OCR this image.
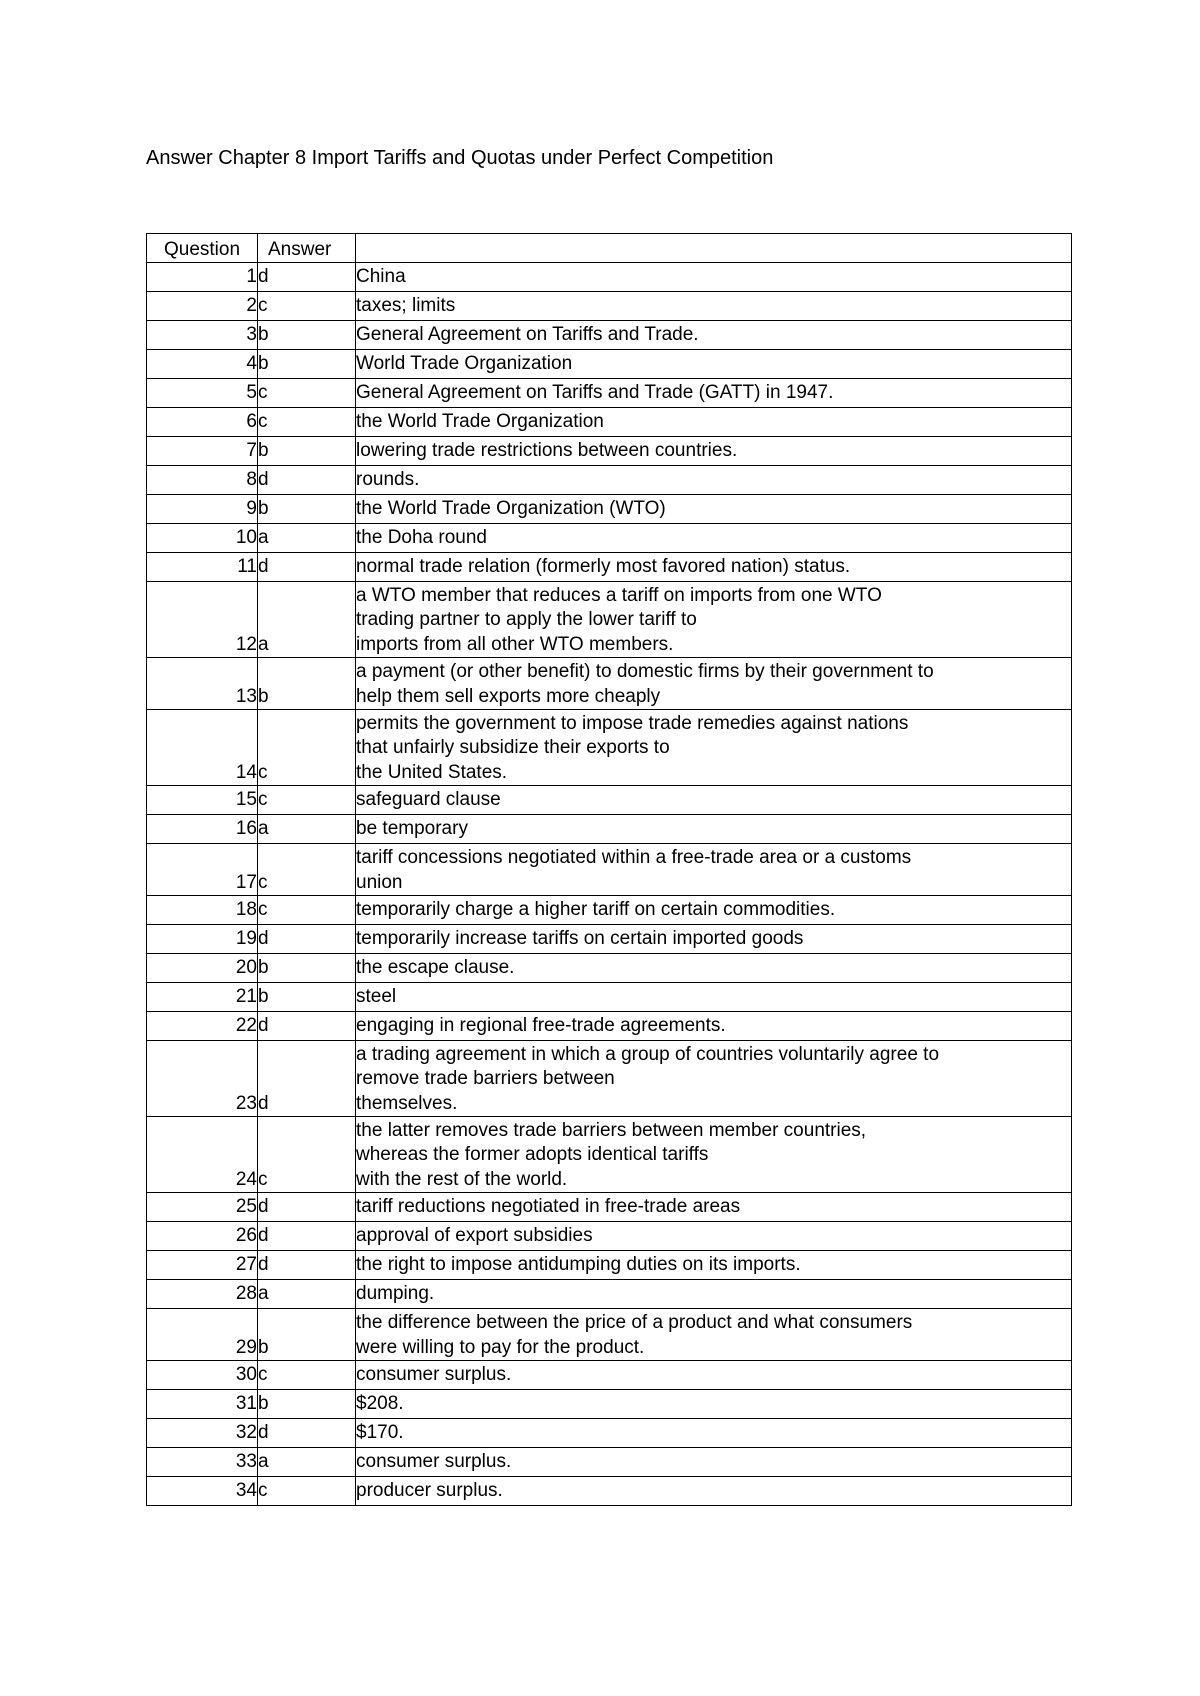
Answer Chapter 8 Import Tariffs and Quotas under Perfect Competition
Question	Answer	
1	d	China
2	c	taxes; limits
3	b	General Agreement on Tariffs and Trade.
4	b	World Trade Organization
5	c	General Agreement on Tariffs and Trade (GATT) in 1947.
6	c	the World Trade Organization
7	b	lowering trade restrictions between countries.
8	d	rounds.
9	b	the World Trade Organization (WTO)
10	a	the Doha round
11	d	normal trade relation (formerly most favored nation) status.
12	a	a WTO member that reduces a tariff on imports from one WTO
trading partner to apply the lower tariff to
imports from all other WTO members.
13	b	a payment (or other benefit) to domestic firms by their government to
help them sell exports more cheaply
14	c	permits the government to impose trade remedies against nations
that unfairly subsidize their exports to
the United States.
15	c	safeguard clause
16	a	be temporary
17	c	tariff concessions negotiated within a free-trade area or a customs
union
18	c	temporarily charge a higher tariff on certain commodities.
19	d	temporarily increase tariffs on certain imported goods
20	b	the escape clause.
21	b	steel
22	d	engaging in regional free-trade agreements.
23	d	a trading agreement in which a group of countries voluntarily agree to
remove trade barriers between
themselves.
24	c	the latter removes trade barriers between member countries,
whereas the former adopts identical tariffs
with the rest of the world.
25	d	tariff reductions negotiated in free-trade areas
26	d	approval of export subsidies
27	d	the right to impose antidumping duties on its imports.
28	a	dumping.
29	b	the difference between the price of a product and what consumers
were willing to pay for the product.
30	c	consumer surplus.
31	b	$208.
32	d	$170.
33	a	consumer surplus.
34	c	producer surplus.
